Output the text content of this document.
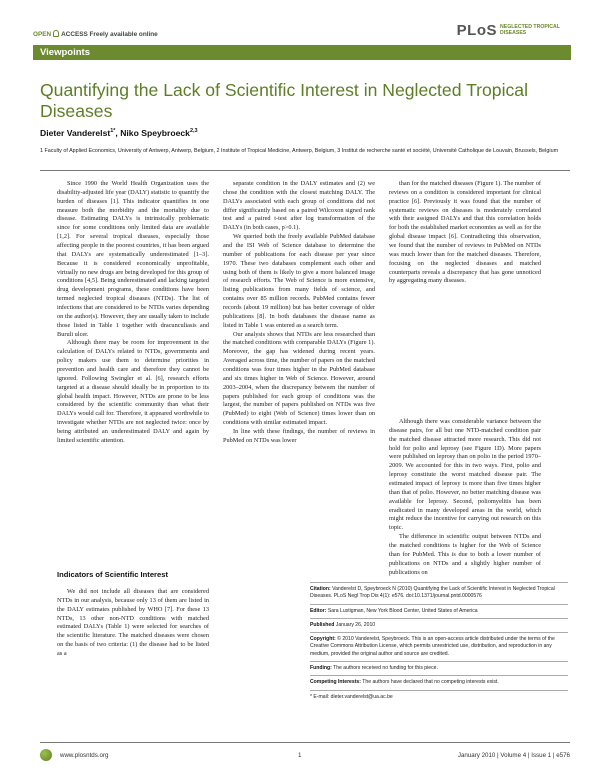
OPEN ACCESS Freely available online	PLoS NEGLECTED TROPICAL DISEASES
Viewpoints
Quantifying the Lack of Scientific Interest in Neglected Tropical Diseases
Dieter Vanderelst$^{1*}$, Niko Speybroeck$^{2,3}$
1 Faculty of Applied Economics, University of Antwerp, Antwerp, Belgium, 2 Institute of Tropical Medicine, Antwerp, Belgium, 3 Institut de recherche santé et société, Université Catholique de Louvain, Brussels, Belgium

Since 1990 the World Health Organization uses the disability-adjusted life year (DALY) statistic to quantify the burden of diseases [1]. This indicator quantifies in one measure both the morbidity and the mortality due to disease. Estimating DALYs is intrinsically problematic since for some conditions only limited data are available [1,2]. For several tropical diseases, especially those affecting people in the poorest countries, it has been argued that DALYs are systematically underestimated [1–3]. Because it is considered economically unprofitable, virtually no new drugs are being developed for this group of conditions [4,5]. Being underestimated and lacking targeted drug development programs, these conditions have been termed neglected tropical diseases (NTDs). The list of infections that are considered to be NTDs varies depending on the author(s). However, they are usually taken to include those listed in Table 1 together with dracunculiasis and Buruli ulcer.

Although there may be room for improvement in the calculation of DALYs related to NTDs, governments and policy makers use them to determine priorities in prevention and health care and therefore they cannot be ignored. Following Swingler et al. [6], research efforts targeted at a disease should ideally be in proportion to its global health impact. However, NTDs are prone to be less considered by the scientific community than what their DALYs would call for. Therefore, it appeared worthwhile to investigate whether NTDs are not neglected twice: once by being attributed an underestimated DALY and again by limited scientific attention.

Indicators of Scientific Interest

We did not include all diseases that are considered NTDs in our analysis, because only 13 of them are listed in the DALY estimates published by WHO [7]. For these 13 NTDs, 13 other non-NTD conditions with matched estimated DALYs (Table 1) were selected for searches of the scientific literature. The matched diseases were chosen on the basis of two criteria: (1) the disease had to be listed as a

separate condition in the DALY estimates and (2) we chose the condition with the closest matching DALY. The DALYs associated with each group of conditions did not differ significantly based on a paired Wilcoxon signed rank test and a paired t-test after log transformation of the DALYs (in both cases, p>0.1).

We queried both the freely available PubMed database and the ISI Web of Science database to determine the number of publications for each disease per year since 1970. These two databases complement each other and using both of them is likely to give a more balanced image of research efforts. The Web of Science is more extensive, listing publications from many fields of science, and contains over 85 million records. PubMed contains fewer records (about 19 million) but has better coverage of older publications [8]. In both databases the disease name as listed in Table 1 was entered as a search term.

Our analysis shows that NTDs are less researched than the matched conditions with comparable DALYs (Figure 1). Moreover, the gap has widened during recent years. Averaged across time, the number of papers on the matched conditions was four times higher in the PubMed database and six times higher in Web of Science. However, around 2003–2004, when the discrepancy between the number of papers published for each group of conditions was the largest, the number of papers published on NTDs was five (PubMed) to eight (Web of Science) times lower than on conditions with similar estimated impact.

In line with these findings, the number of reviews in PubMed on NTDs was lower

than for the matched diseases (Figure 1). The number of reviews on a condition is considered important for clinical practice [6]. Previously it was found that the number of systematic reviews on diseases is moderately correlated with their assigned DALYs and that this correlation holds for both the established market economies as well as for the global disease impact [6]. Contradicting this observation, we found that the number of reviews in PubMed on NTDs was much lower than for the matched diseases. Therefore, focusing on the neglected diseases and matched counterparts reveals a discrepancy that has gone unnoticed by aggregating many diseases.

Although there was considerable variance between the disease pairs, for all but one NTD-matched condition pair the matched disease attracted more research. This did not hold for polio and leprosy (see Figure 1D). More papers were published on leprosy than on polio in the period 1970–2009. We accounted for this in two ways. First, polio and leprosy constitute the worst matched disease pair. The estimated impact of leprosy is more than five times higher than that of polio. However, no better matching disease was available for leprosy. Second, poliomyelitis has been eradicated in many developed areas in the world, which might reduce the incentive for carrying out research on this topic.

The difference in scientific output between NTDs and the matched conditions is higher for the Web of Science than for PubMed. This is due to both a lower number of publications on NTDs and a slightly higher number of publications on

Citation: Vanderelst D, Speybroeck N (2010) Quantifying the Lack of Scientific Interest in Neglected Tropical Diseases. PLoS Negl Trop Dis 4(1): e576. doi:10.1371/journal.pntd.0000576
Editor: Sara Lustigman, New York Blood Center, United States of America
Published January 26, 2010
Copyright: © 2010 Vanderelst, Speybroeck. This is an open-access article distributed under the terms of the Creative Commons Attribution License, which permits unrestricted use, distribution, and reproduction in any medium, provided the original author and source are credited.
Funding: The authors received no funding for this piece.
Competing Interests: The authors have declared that no competing interests exist.
* E-mail: dieter.vanderelst@ua.ac.be
www.plosntds.org	1	January 2010 | Volume 4 | Issue 1 | e576
